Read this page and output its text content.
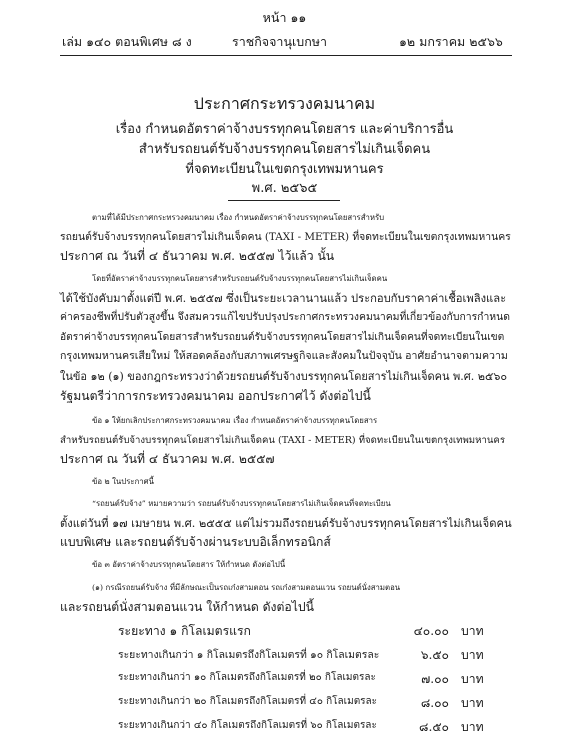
หน้า ๑๑
เล่ม ๑๔๐ ตอนพิเศษ ๘ ง	ราชกิจจานุเบกษา	๑๒ มกราคม ๒๕๖๖
ประกาศกระทรวงคมนาคม
เรื่อง กำหนดอัตราค่าจ้างบรรทุกคนโดยสาร และค่าบริการอื่น
สำหรับรถยนต์รับจ้างบรรทุกคนโดยสารไม่เกินเจ็ดคน
ที่จดทะเบียนในเขตกรุงเทพมหานคร
พ.ศ. ๒๕๖๕
ตามที่ได้มีประกาศกระทรวงคมนาคม เรื่อง กำหนดอัตราค่าจ้างบรรทุกคนโดยสารสำหรับ
รถยนต์รับจ้างบรรทุกคนโดยสารไม่เกินเจ็ดคน (TAXI - METER) ที่จดทะเบียนในเขตกรุงเทพมหานคร
ประกาศ ณ วันที่ ๔ ธันวาคม พ.ศ. ๒๕๕๗ ไว้แล้ว นั้น
โดยที่อัตราค่าจ้างบรรทุกคนโดยสารสำหรับรถยนต์รับจ้างบรรทุกคนโดยสารไม่เกินเจ็ดคน
ได้ใช้บังคับมาตั้งแต่ปี พ.ศ. ๒๕๕๗ ซึ่งเป็นระยะเวลานานแล้ว ประกอบกับราคาค่าเชื้อเพลิงและ
ค่าครองชีพที่ปรับตัวสูงขึ้น จึงสมควรแก้ไขปรับปรุงประกาศกระทรวงคมนาคมที่เกี่ยวข้องกับการกำหนด
อัตราค่าจ้างบรรทุกคนโดยสารสำหรับรถยนต์รับจ้างบรรทุกคนโดยสารไม่เกินเจ็ดคนที่จดทะเบียนในเขต
กรุงเทพมหานครเสียใหม่ ให้สอดคล้องกับสภาพเศรษฐกิจและสังคมในปัจจุบัน อาศัยอำนาจตามความ
ในข้อ ๑๒ (๑) ของกฎกระทรวงว่าด้วยรถยนต์รับจ้างบรรทุกคนโดยสารไม่เกินเจ็ดคน พ.ศ. ๒๕๖๐
รัฐมนตรีว่าการกระทรวงคมนาคม ออกประกาศไว้ ดังต่อไปนี้
ข้อ ๑ ให้ยกเลิกประกาศกระทรวงคมนาคม เรื่อง กำหนดอัตราค่าจ้างบรรทุกคนโดยสาร
สำหรับรถยนต์รับจ้างบรรทุกคนโดยสารไม่เกินเจ็ดคน (TAXI - METER) ที่จดทะเบียนในเขตกรุงเทพมหานคร
ประกาศ ณ วันที่ ๔ ธันวาคม พ.ศ. ๒๕๕๗
ข้อ ๒ ในประกาศนี้
“รถยนต์รับจ้าง” หมายความว่า รถยนต์รับจ้างบรรทุกคนโดยสารไม่เกินเจ็ดคนที่จดทะเบียน
ตั้งแต่วันที่ ๑๗ เมษายน พ.ศ. ๒๕๕๕ แต่ไม่รวมถึงรถยนต์รับจ้างบรรทุกคนโดยสารไม่เกินเจ็ดคน
แบบพิเศษ และรถยนต์รับจ้างผ่านระบบอิเล็กทรอนิกส์
ข้อ ๓ อัตราค่าจ้างบรรทุกคนโดยสาร ให้กำหนด ดังต่อไปนี้
(๑) กรณีรถยนต์รับจ้าง ที่มีลักษณะเป็นรถเก๋งสามตอน รถเก๋งสามตอนแวน รถยนต์นั่งสามตอน
และรถยนต์นั่งสามตอนแวน ให้กำหนด ดังต่อไปนี้
ระยะทาง ๑ กิโลเมตรแรก	๔๐.๐๐ บาท
ระยะทางเกินกว่า ๑ กิโลเมตรถึงกิโลเมตรที่ ๑๐ กิโลเมตรละ	๖.๕๐ บาท
ระยะทางเกินกว่า ๑๐ กิโลเมตรถึงกิโลเมตรที่ ๒๐ กิโลเมตรละ	๗.๐๐ บาท
ระยะทางเกินกว่า ๒๐ กิโลเมตรถึงกิโลเมตรที่ ๔๐ กิโลเมตรละ	๘.๐๐ บาท
ระยะทางเกินกว่า ๔๐ กิโลเมตรถึงกิโลเมตรที่ ๖๐ กิโลเมตรละ	๘.๕๐ บาท
